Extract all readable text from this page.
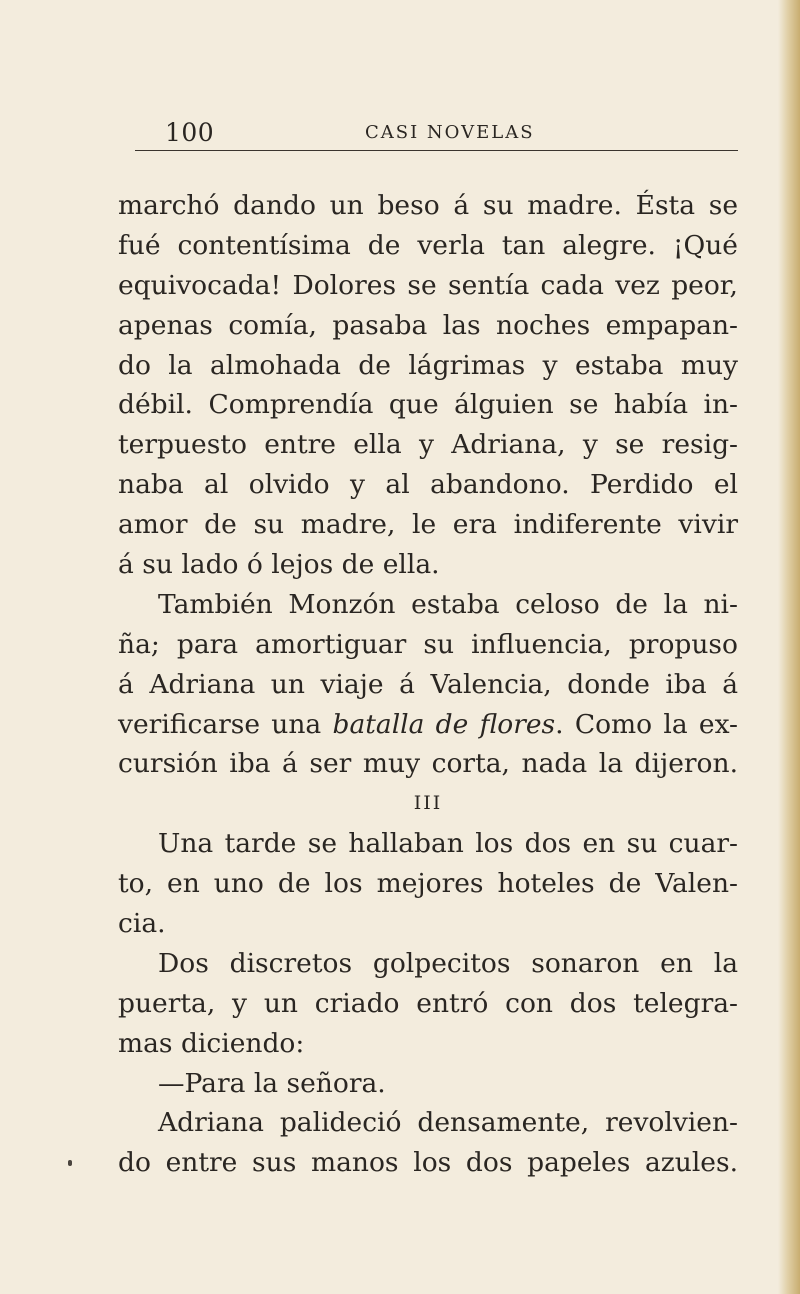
100	CASI NOVELAS
marchó dando un beso á su madre. Ésta se
fué contentísima de verla tan alegre. ¡Qué
equivocada! Dolores se sentía cada vez peor,
apenas comía, pasaba las noches empapan-
do la almohada de lágrimas y estaba muy
débil. Comprendía que álguien se había in-
terpuesto entre ella y Adriana, y se resig-
naba al olvido y al abandono. Perdido el
amor de su madre, le era indiferente vivir
á su lado ó lejos de ella.
También Monzón estaba celoso de la ni-
ña; para amortiguar su influencia, propuso
á Adriana un viaje á Valencia, donde iba á
verificarse una batalla de flores. Como la ex-
cursión iba á ser muy corta, nada la dijeron.
III
Una tarde se hallaban los dos en su cuar-
to, en uno de los mejores hoteles de Valen-
cia.
Dos discretos golpecitos sonaron en la
puerta, y un criado entró con dos telegra-
mas diciendo:
—Para la señora.
Adriana palideció densamente, revolvien-
do entre sus manos los dos papeles azules.
